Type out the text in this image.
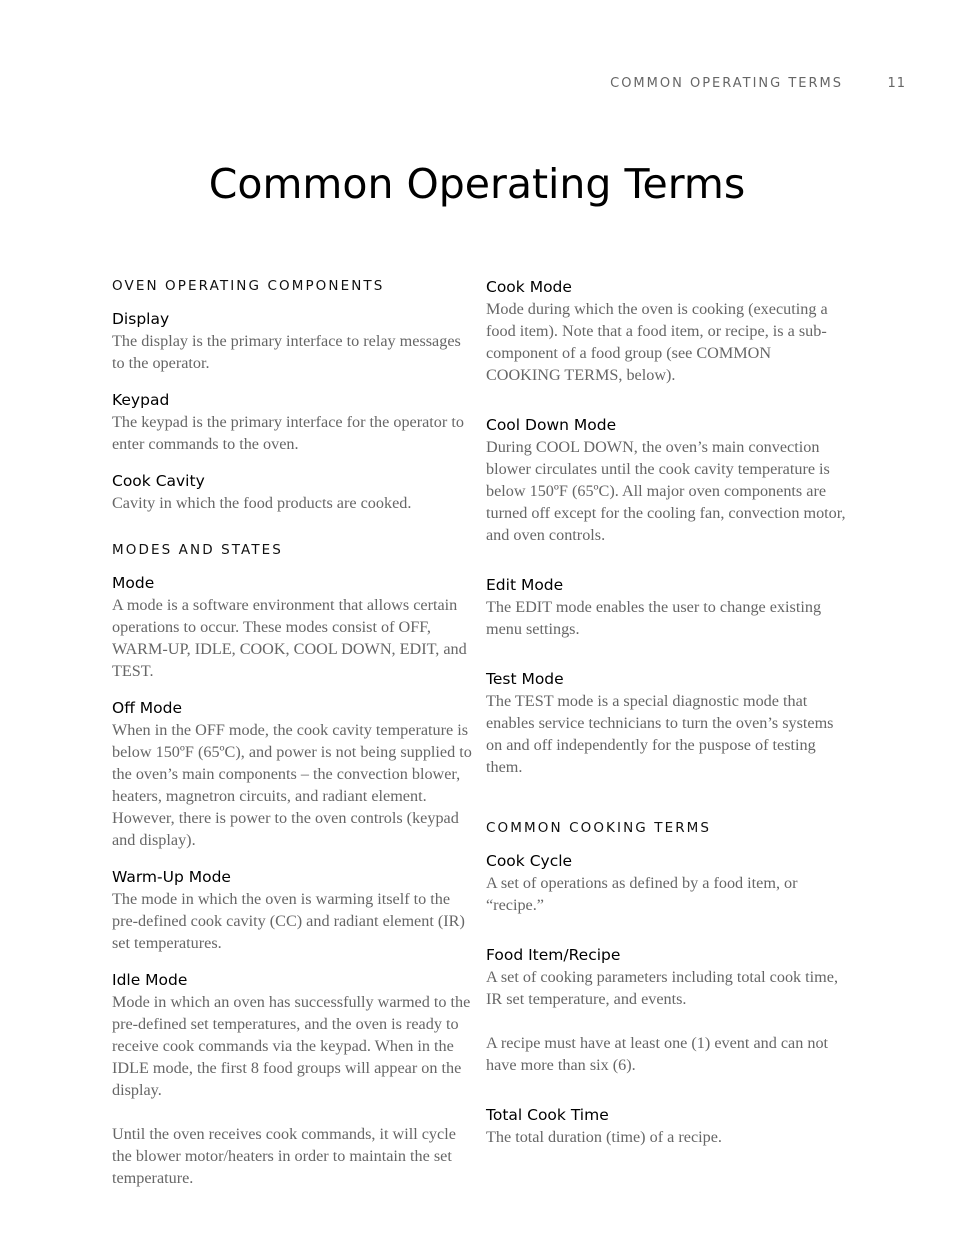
COMMON OPERATING TERMS	11
Common Operating Terms

OVEN OPERATING COMPONENTS

Display

The display is the primary interface to relay messages to the operator.

Keypad

The keypad is the primary interface for the operator to enter commands to the oven.

Cook Cavity

Cavity in which the food products are cooked.

MODES AND STATES

Mode

A mode is a software environment that allows certain operations to occur. These modes consist of OFF, WARM-UP, IDLE, COOK, COOL DOWN, EDIT, and TEST.

Off Mode

When in the OFF mode, the cook cavity temperature is below 150ºF (65ºC), and power is not being supplied to the oven’s main components – the convection blower, heaters, magnetron circuits, and radiant element. However, there is power to the oven controls (keypad and display).

Warm-Up Mode

The mode in which the oven is warming itself to the pre-defined cook cavity (CC) and radiant element (IR) set temperatures.

Idle Mode

Mode in which an oven has successfully warmed to the pre-defined set temperatures, and the oven is ready to receive cook commands via the keypad. When in the IDLE mode, the first 8 food groups will appear on the display.

Until the oven receives cook commands, it will cycle the blower motor/heaters in order to maintain the set temperature.

Cook Mode

Mode during which the oven is cooking (executing a food item). Note that a food item, or recipe, is a sub-component of a food group (see COMMON COOKING TERMS, below).

Cool Down Mode

During COOL DOWN, the oven’s main convection blower circulates until the cook cavity temperature is below 150ºF (65ºC). All major oven components are turned off except for the cooling fan, convection motor, and oven controls.

Edit Mode

The EDIT mode enables the user to change existing menu settings.

Test Mode

The TEST mode is a special diagnostic mode that enables service technicians to turn the oven’s systems on and off independently for the puspose of testing them.

COMMON COOKING TERMS

Cook Cycle

A set of operations as defined by a food item, or “recipe.”

Food Item/Recipe

A set of cooking parameters including total cook time, IR set temperature, and events.

A recipe must have at least one (1) event and can not have more than six (6).

Total Cook Time

The total duration (time) of a recipe.
